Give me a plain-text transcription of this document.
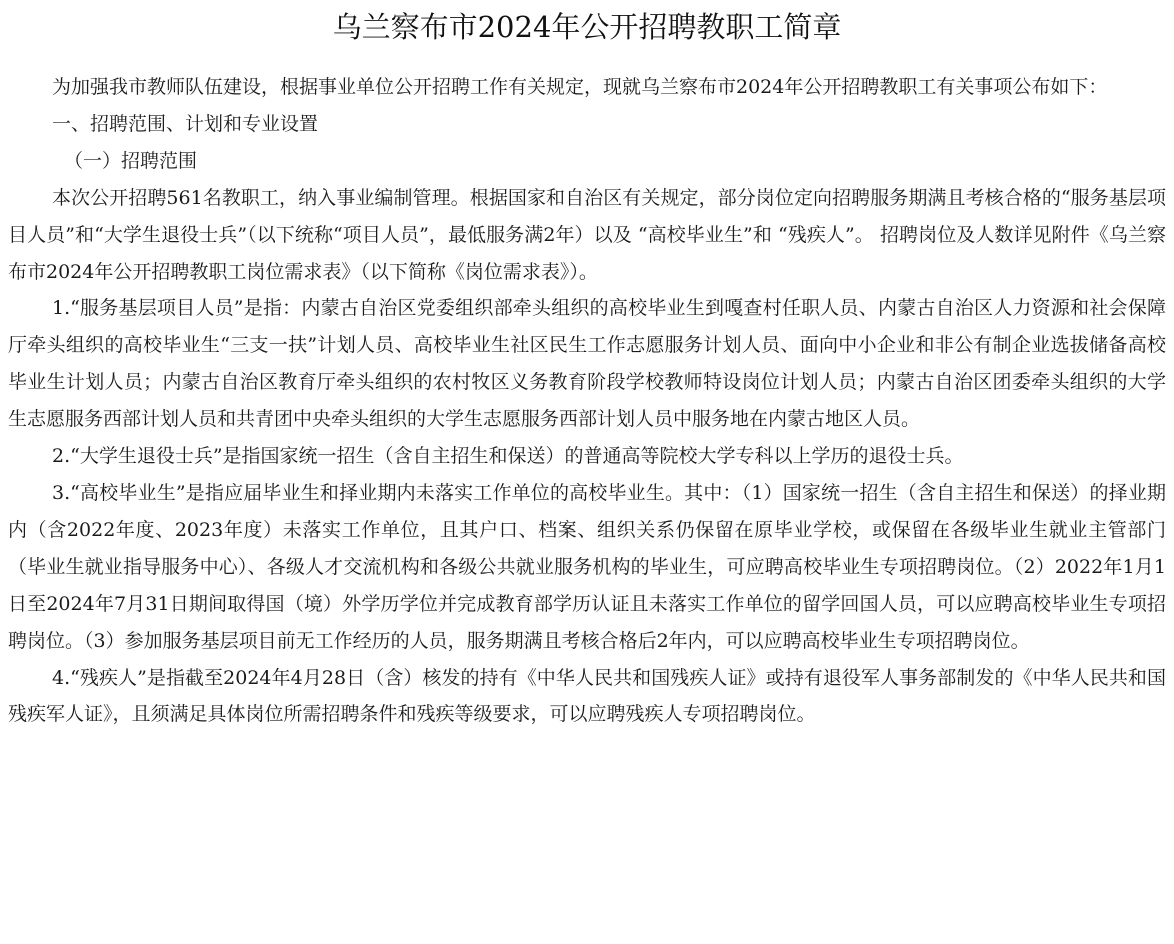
乌兰察布市2024年公开招聘教职工简章

为加强我市教师队伍建设，根据事业单位公开招聘工作有关规定，现就乌兰察布市2024年公开招聘教职工有关事项公布如下：

一、招聘范围、计划和专业设置

（一）招聘范围

本次公开招聘561名教职工，纳入事业编制管理。根据国家和自治区有关规定，部分岗位定向招聘服务期满且考核合格的“服务基层项目人员”和“大学生退役士兵”（以下统称“项目人员”，最低服务满2年）以及 “高校毕业生”和 “残疾人”。 招聘岗位及人数详见附件《乌兰察布市2024年公开招聘教职工岗位需求表》（以下简称《岗位需求表》）。

1.“服务基层项目人员”是指：内蒙古自治区党委组织部牵头组织的高校毕业生到嘎查村任职人员、内蒙古自治区人力资源和社会保障厅牵头组织的高校毕业生“三支一扶”计划人员、高校毕业生社区民生工作志愿服务计划人员、面向中小企业和非公有制企业选拔储备高校毕业生计划人员；内蒙古自治区教育厅牵头组织的农村牧区义务教育阶段学校教师特设岗位计划人员；内蒙古自治区团委牵头组织的大学生志愿服务西部计划人员和共青团中央牵头组织的大学生志愿服务西部计划人员中服务地在内蒙古地区人员。

2.“大学生退役士兵”是指国家统一招生（含自主招生和保送）的普通高等院校大学专科以上学历的退役士兵。

3.“高校毕业生”是指应届毕业生和择业期内未落实工作单位的高校毕业生。其中：（1）国家统一招生（含自主招生和保送）的择业期内（含2022年度、2023年度）未落实工作单位，且其户口、档案、组织关系仍保留在原毕业学校，或保留在各级毕业生就业主管部门（毕业生就业指导服务中心）、各级人才交流机构和各级公共就业服务机构的毕业生，可应聘高校毕业生专项招聘岗位。（2）2022年1月1日至2024年7月31日期间取得国（境）外学历学位并完成教育部学历认证且未落实工作单位的留学回国人员，可以应聘高校毕业生专项招聘岗位。（3）参加服务基层项目前无工作经历的人员，服务期满且考核合格后2年内，可以应聘高校毕业生专项招聘岗位。

4.“残疾人”是指截至2024年4月28日（含）核发的持有《中华人民共和国残疾人证》或持有退役军人事务部制发的《中华人民共和国残疾军人证》，且须满足具体岗位所需招聘条件和残疾等级要求，可以应聘残疾人专项招聘岗位。
